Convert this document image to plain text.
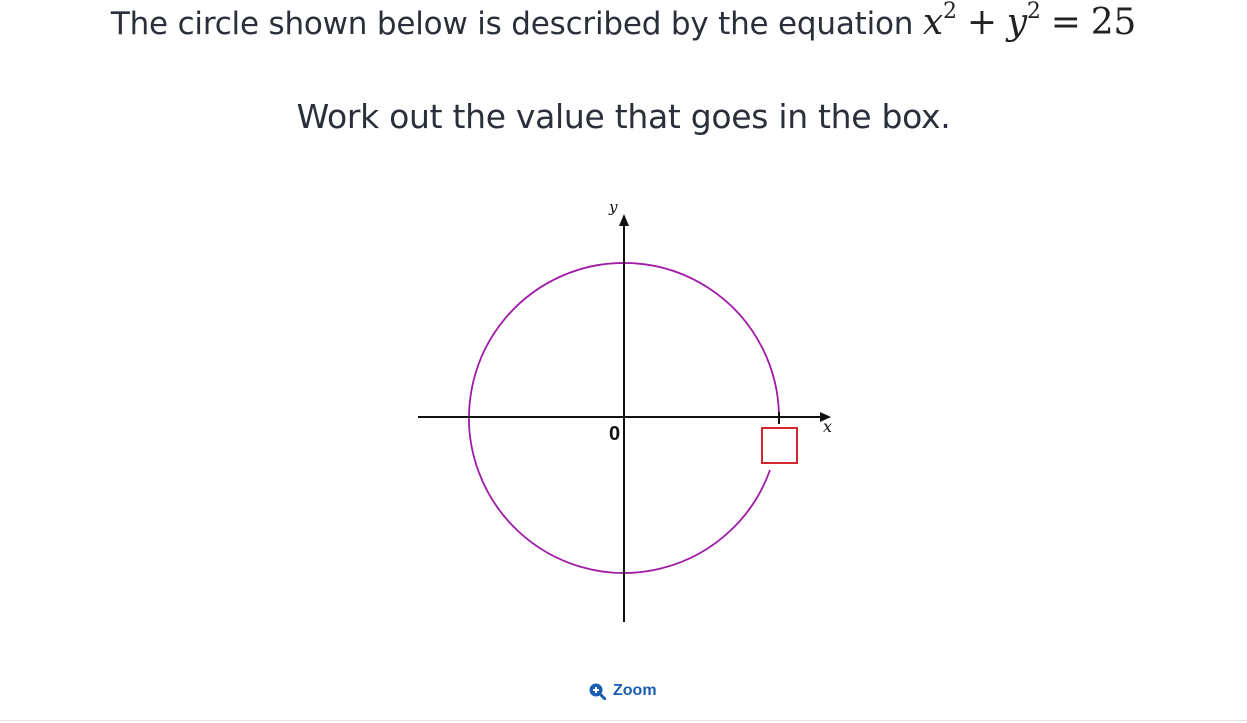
The circle shown below is described by the equation $x^2 + y^2 = 25$
Work out the value that goes in the box.
y
x
0
Zoom
